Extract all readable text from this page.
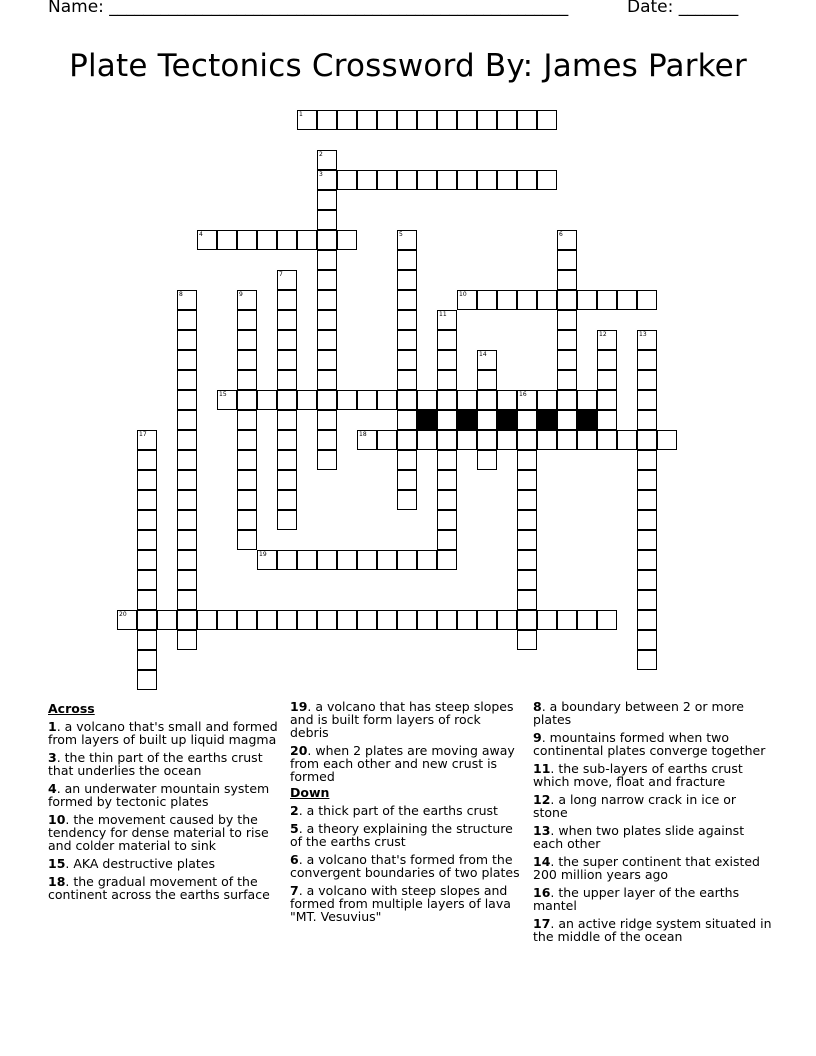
Name: ______________________________________________________	Date: _______
Plate Tectonics Crossword By: James Parker
1
2
3
4	5	6
7
8	9	10
11
12	13
14
15	16
17	18
19
20
Across
1. a volcano that's small and formed from layers of built up liquid magma
3. the thin part of the earths crust that underlies the ocean
4. an underwater mountain system formed by tectonic plates
10. the movement caused by the tendency for dense material to rise and colder material to sink
15. AKA destructive plates
18. the gradual movement of the continent across the earths surface
19. a volcano that has steep slopes and is built form layers of rock debris
20. when 2 plates are moving away from each other and new crust is formed
Down
2. a thick part of the earths crust
5. a theory explaining the structure of the earths crust
6. a volcano that's formed from the convergent boundaries of two plates
7. a volcano with steep slopes and formed from multiple layers of lava "MT. Vesuvius"
8. a boundary between 2 or more plates
9. mountains formed when two continental plates converge together
11. the sub-layers of earths crust which move, float and fracture
12. a long narrow crack in ice or stone
13. when two plates slide against each other
14. the super continent that existed 200 million years ago
16. the upper layer of the earths mantel
17. an active ridge system situated in the middle of the ocean
